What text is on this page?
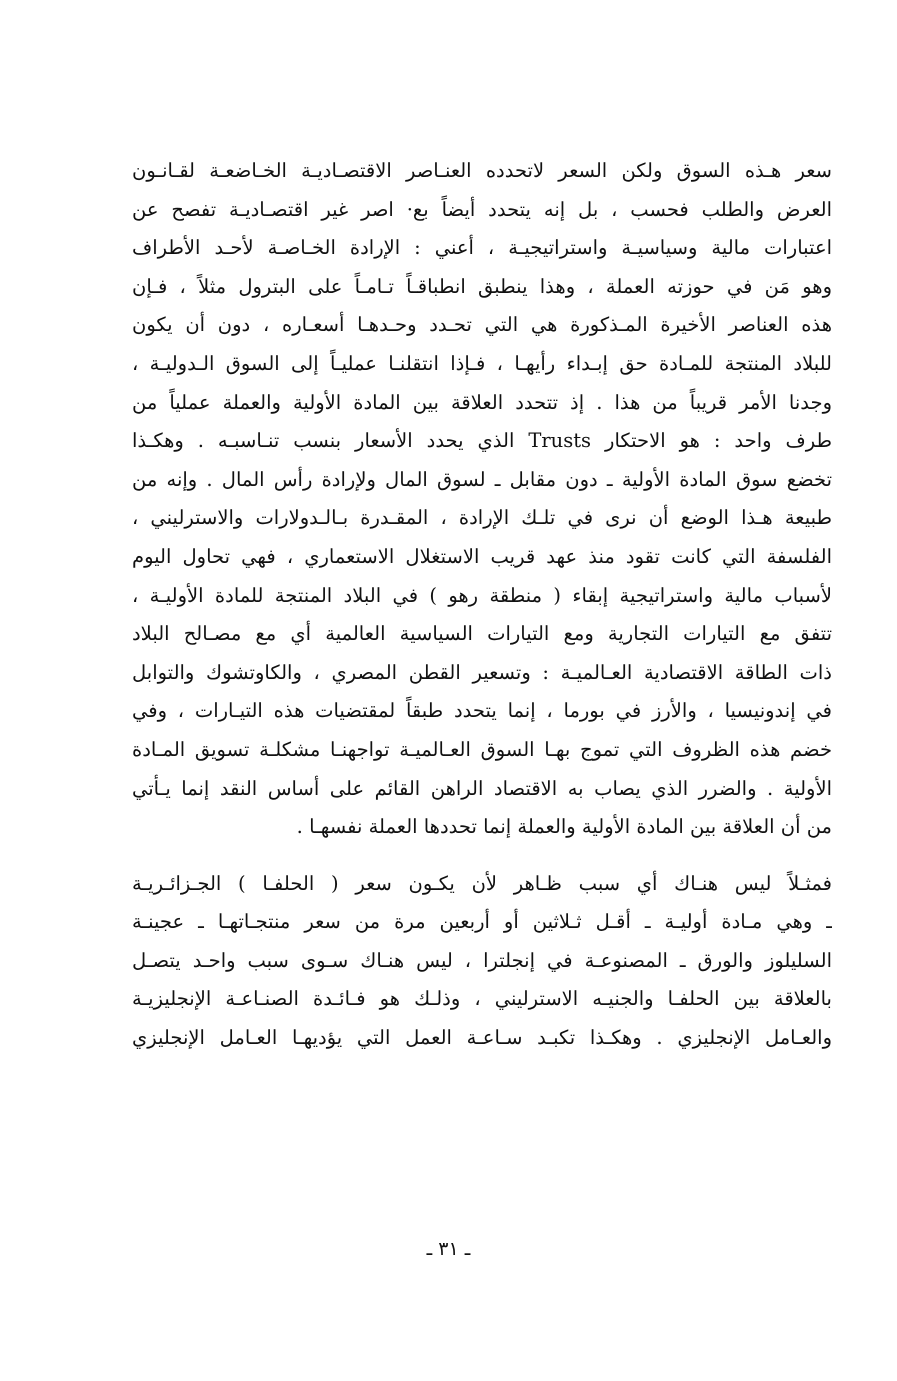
سعر هـذه السوق ولكن السعر لاتحدده العنـاصر الاقتصـاديـة الخـاضعـة لقـانـون
العرض والطلب فحسب ، بل إنه يتحدد أيضاً بع· اصر غير اقتصـاديـة تفصح عن
اعتبارات مالية وسياسيـة واستراتيجيـة ، أعني : الإرادة الخـاصـة لأحـد الأطراف
وهو مَن في حوزته العملة ، وهذا ينطبق انطباقـاً تـامـاً على البترول مثلاً ، فـإن
هذه العناصر الأخيرة المـذكورة هي التي تحـدد وحـدهـا أسعـاره ، دون أن يكون
للبلاد المنتجة للمـادة حق إبـداء رأيهـا ، فـإذا انتقلنـا عمليـاً إلى السوق الـدوليـة ،
وجدنا الأمر قريباً من هذا . إذ تتحدد العلاقة بين المادة الأولية والعملة عملياً من
طرف واحد : هو الاحتكار Trusts الذي يحدد الأسعار بنسب تنـاسبـه . وهكـذا
تخضع سوق المادة الأولية ـ دون مقابل ـ لسوق المال ولإرادة رأس المال . وإنه من
طبيعة هـذا الوضع أن نرى في تلـك الإرادة ، المقـدرة بـالـدولارات والاسترليني ،
الفلسفة التي كانت تقود منذ عهد قريب الاستغلال الاستعماري ، فهي تحاول اليوم
لأسباب مالية واستراتيجية إبقاء ( منطقة رهو ) في البلاد المنتجة للمادة الأوليـة ،
تتفق مع التيارات التجارية ومع التيارات السياسية العالمية أي مع مصـالح البلاد
ذات الطاقة الاقتصادية العـالميـة : وتسعير القطن المصري ، والكاوتشوك والتوابل
في إندونيسيا ، والأرز في بورما ، إنما يتحدد طبقاً لمقتضيات هذه التيـارات ، وفي
خضم هذه الظروف التي تموج بهـا السوق العـالميـة تواجهنـا مشكلـة تسويق المـادة
الأولية . والضرر الذي يصاب به الاقتصاد الراهن القائم على أساس النقد إنما يـأتي
من أن العلاقة بين المادة الأولية والعملة إنما تحددها العملة نفسهـا .
فمثـلاً ليس هنـاك أي سبب ظـاهر لأن يكـون سعر ( الحلفـا ) الجـزائـريـة
ـ وهي مـادة أوليـة ـ أقـل ثـلاثين أو أربعين مرة من سعر منتجـاتهـا ـ عجينـة
السليلوز والورق ـ المصنوعـة في إنجلترا ، ليس هنـاك سـوى سبب واحـد يتصـل
بالعلاقة بين الحلفـا والجنيـه الاسترليني ، وذلـك هو فـائـدة الصنـاعـة الإنجليزيـة
والعـامل الإنجليزي . وهكـذا تكبـد سـاعـة العمل التي يؤديهـا العـامل الإنجليزي
ـ ٣١ ـ
